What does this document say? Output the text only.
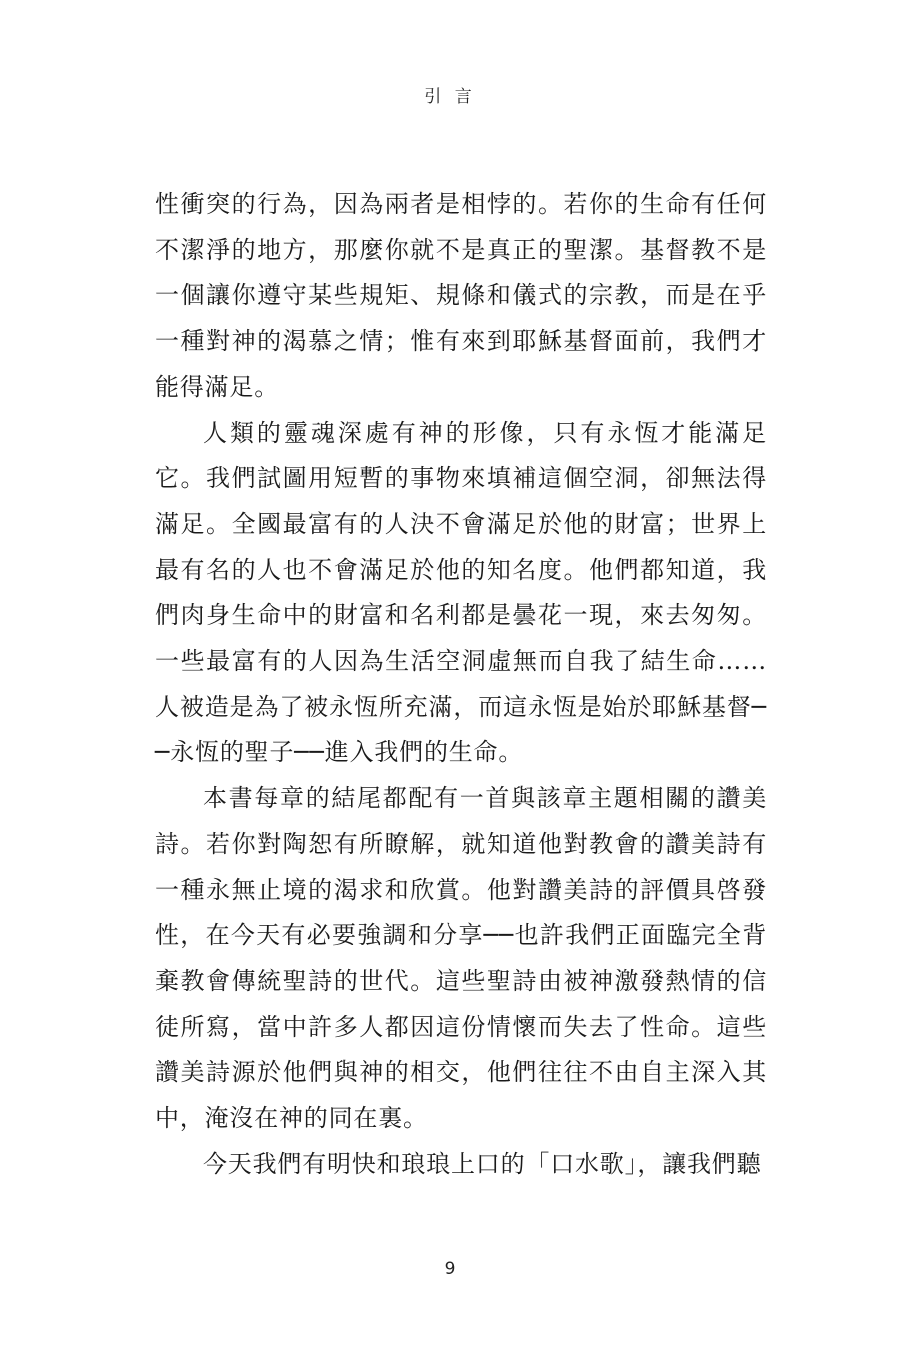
引 言

性衝突的行為，因為兩者是相悖的。若你的生命有任何不潔淨的地方，那麼你就不是真正的聖潔。基督教不是一個讓你遵守某些規矩、規條和儀式的宗教，而是在乎一種對神的渴慕之情；惟有來到耶穌基督面前，我們才能得滿足。

人類的靈魂深處有神的形像，只有永恆才能滿足它。我們試圖用短暫的事物來填補這個空洞，卻無法得滿足。全國最富有的人決不會滿足於他的財富；世界上最有名的人也不會滿足於他的知名度。他們都知道，我們肉身生命中的財富和名利都是曇花一現，來去匆匆。一些最富有的人因為生活空洞虛無而自我了結生命……人被造是為了被永恆所充滿，而這永恆是始於耶穌基督──永恆的聖子──進入我們的生命。

本書每章的結尾都配有一首與該章主題相關的讚美詩。若你對陶恕有所瞭解，就知道他對教會的讚美詩有一種永無止境的渴求和欣賞。他對讚美詩的評價具啓發性，在今天有必要強調和分享──也許我們正面臨完全背棄教會傳統聖詩的世代。這些聖詩由被神激發熱情的信徒所寫，當中許多人都因這份情懷而失去了性命。這些讚美詩源於他們與神的相交，他們往往不由自主深入其中，淹沒在神的同在裏。

今天我們有明快和琅琅上口的「口水歌」，讓我們聽

9
